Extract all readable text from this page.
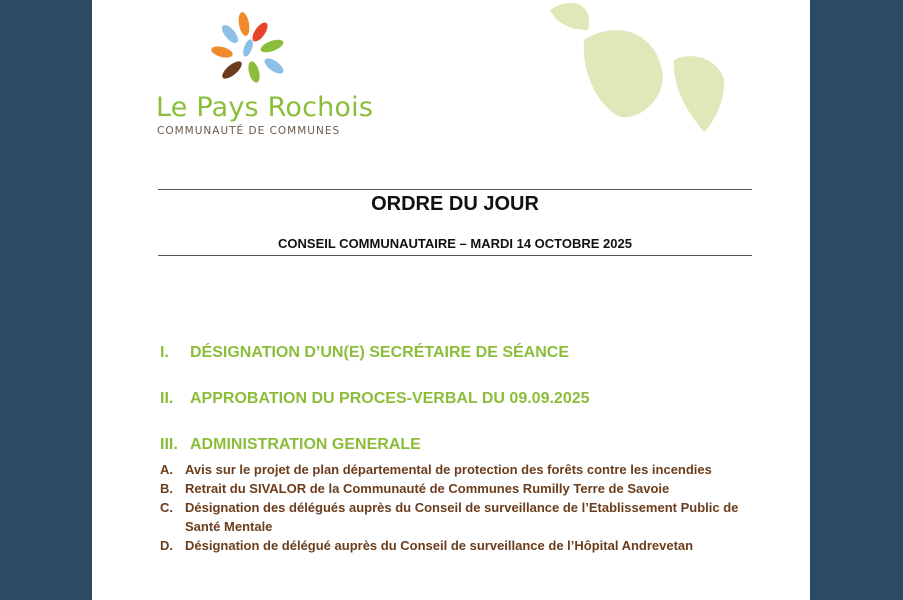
Le Pays Rochois
COMMUNAUTÉ DE COMMUNES
ORDRE DU JOUR
CONSEIL COMMUNAUTAIRE – MARDI 14 OCTOBRE 2025
I. DÉSIGNATION D’UN(E) SECRÉTAIRE DE SÉANCE
II. APPROBATION DU PROCES-VERBAL DU 09.09.2025
III. ADMINISTRATION GENERALE
A. Avis sur le projet de plan départemental de protection des forêts contre les incendies
B. Retrait du SIVALOR de la Communauté de Communes Rumilly Terre de Savoie
C. Désignation des délégués auprès du Conseil de surveillance de l’Etablissement Public de Santé Mentale
D. Désignation de délégué auprès du Conseil de surveillance de l’Hôpital Andrevetan
